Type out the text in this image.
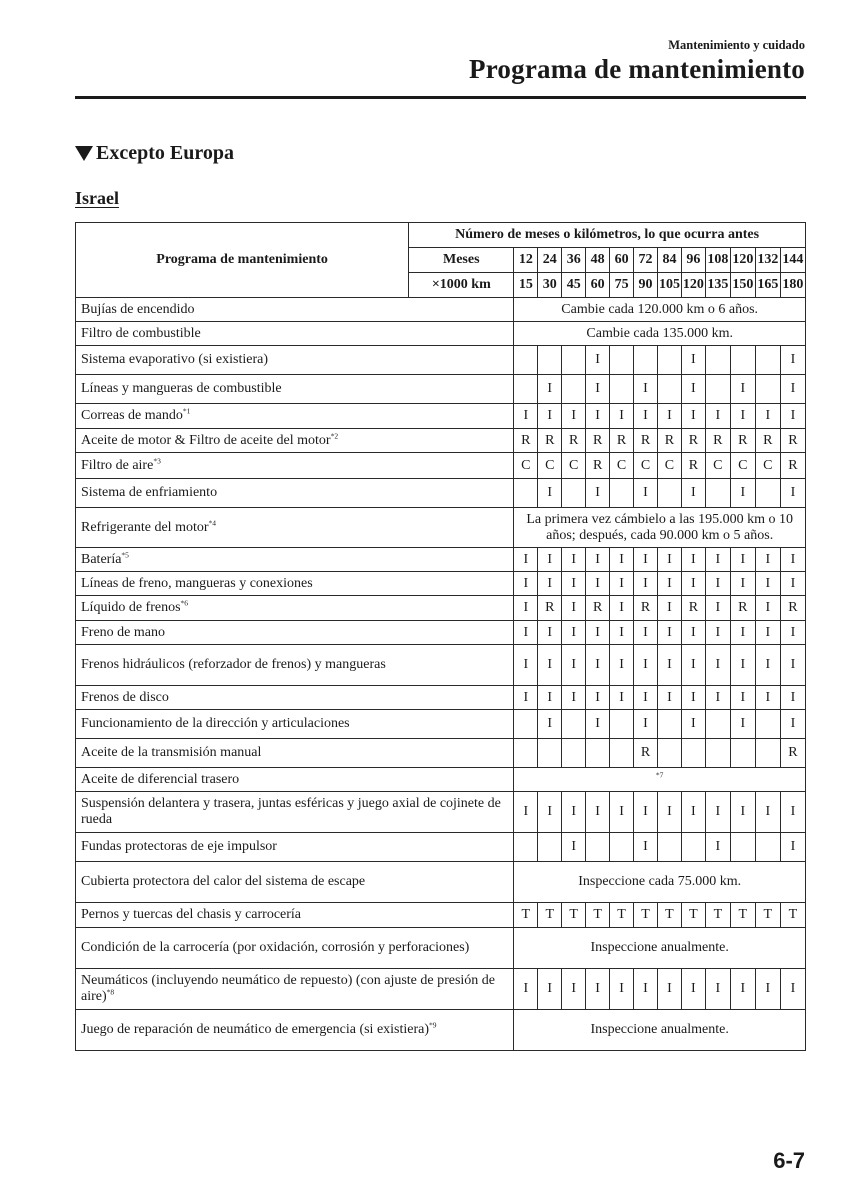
Mantenimiento y cuidado
Programa de mantenimiento
Excepto Europa
Israel
Programa de mantenimiento	Número de meses o kilómetros, lo que ocurra antes												
	Meses	12	24	36	48	60	72	84	96	108	120	132	144
	×1000 km	15	30	45	60	75	90	105	120	135	150	165	180
Bujías de encendido		Cambie cada 120.000 km o 6 años.											
Filtro de combustible		Cambie cada 135.000 km.											
Sistema evaporativo (si existiera)					I				I				I
Líneas y mangueras de combustible			I		I		I		I		I		I
Correas de mando$^{*1}$		I	I	I	I	I	I	I	I	I	I	I	I
Aceite de motor & Filtro de aceite del motor$^{*2}$		R	R	R	R	R	R	R	R	R	R	R	R
Filtro de aire$^{*3}$		C	C	C	R	C	C	C	R	C	C	C	R
Sistema de enfriamiento			I		I		I		I		I		I
Refrigerante del motor$^{*4}$		La primera vez cámbielo a las 195.000 km o 10 años; después, cada 90.000 km o 5 años.											
Batería$^{*5}$		I	I	I	I	I	I	I	I	I	I	I	I
Líneas de freno, mangueras y conexiones		I	I	I	I	I	I	I	I	I	I	I	I
Líquido de frenos$^{*6}$		I	R	I	R	I	R	I	R	I	R	I	R
Freno de mano		I	I	I	I	I	I	I	I	I	I	I	I
Frenos hidráulicos (reforzador de frenos) y mangueras		I	I	I	I	I	I	I	I	I	I	I	I
Frenos de disco		I	I	I	I	I	I	I	I	I	I	I	I
Funcionamiento de la dirección y articulaciones			I		I		I		I		I		I
Aceite de la transmisión manual							R						R
Aceite de diferencial trasero		$^{*7}$
Suspensión delantera y trasera, juntas esféricas y juego axial de cojinete de rueda		I	I	I	I	I	I	I	I	I	I	I	I
Fundas protectoras de eje impulsor				I			I			I			I
Cubierta protectora del calor del sistema de escape		Inspeccione cada 75.000 km.											
Pernos y tuercas del chasis y carrocería		T	T	T	T	T	T	T	T	T	T	T	T
Condición de la carrocería (por oxidación, corrosión y perforaciones)		Inspeccione anualmente.											
Neumáticos (incluyendo neumático de repuesto) (con ajuste de presión de aire)$^{*8}$		I	I	I	I	I	I	I	I	I	I	I	I
Juego de reparación de neumático de emergencia (si existiera)$^{*9}$		Inspeccione anualmente.											
6-7
